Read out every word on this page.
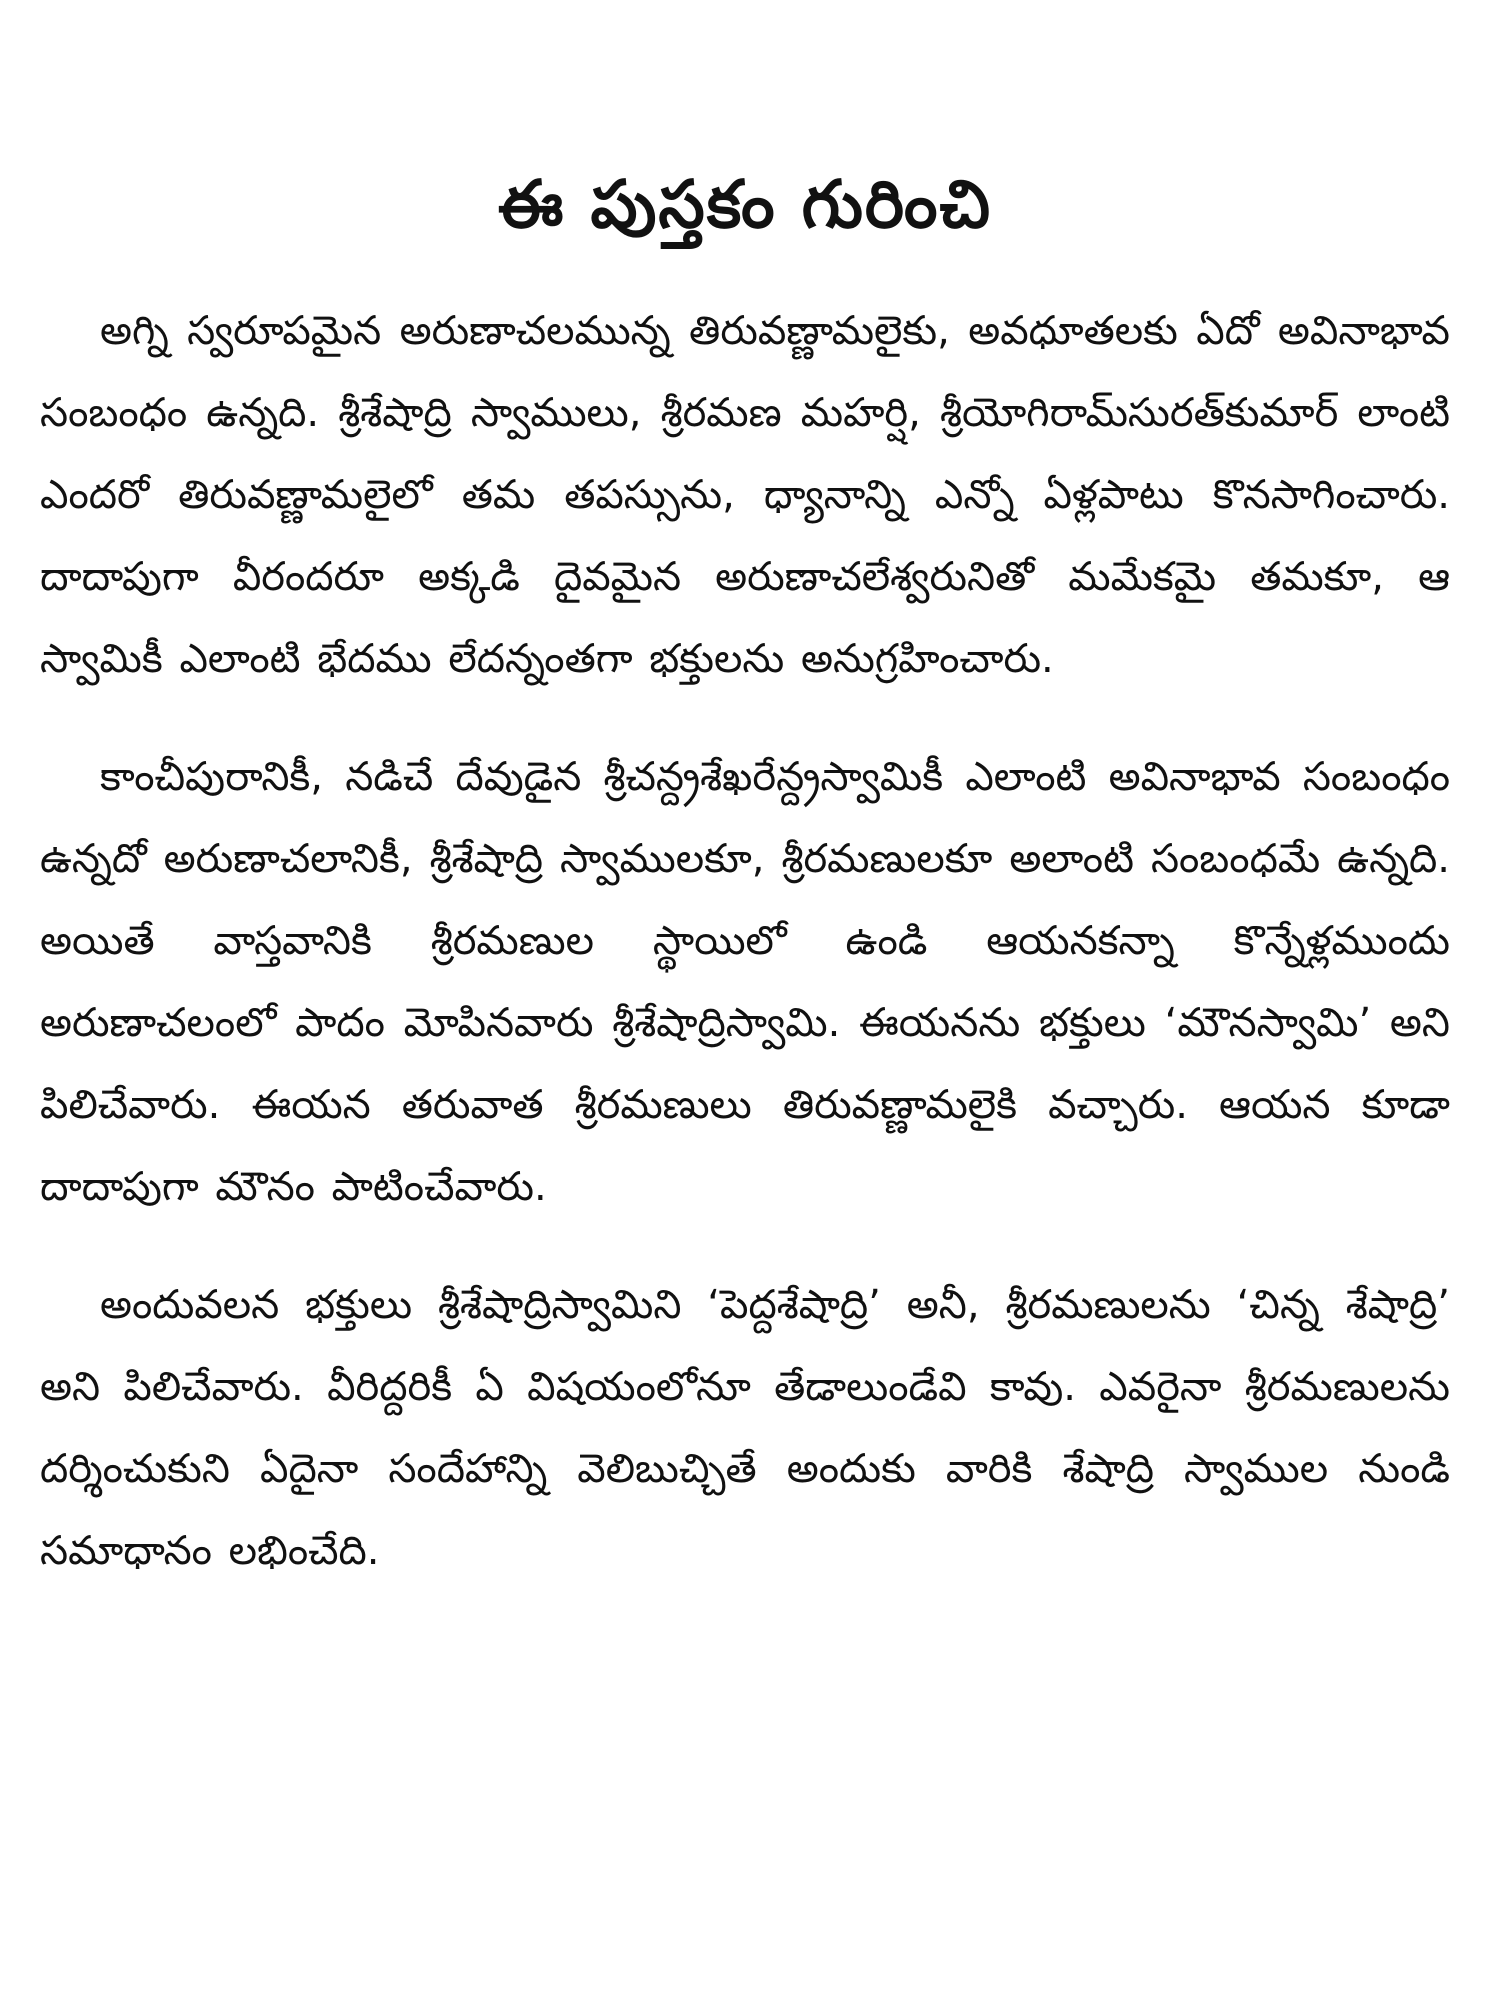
ఈ పుస్తకం గురించి

అగ్ని స్వరూపమైన అరుణాచలమున్న తిరువణ్ణామలైకు, అవధూతలకు ఏదో అవినాభావ సంబంధం ఉన్నది. శ్రీశేషాద్రి స్వాములు, శ్రీరమణ మహర్షి, శ్రీయోగిరామ్‌సురత్‌కుమార్ లాంటి ఎందరో తిరువణ్ణామలైలో తమ తపస్సును, ధ్యానాన్ని ఎన్నో ఏళ్లపాటు కొనసాగించారు. దాదాపుగా వీరందరూ అక్కడి దైవమైన అరుణాచలేశ్వరునితో మమేకమై తమకూ, ఆ స్వామికీ ఎలాంటి భేదము లేదన్నంతగా భక్తులను అనుగ్రహించారు.

కాంచీపురానికీ, నడిచే దేవుడైన శ్రీచన్ద్రశేఖరేన్ద్రస్వామికీ ఎలాంటి అవినాభావ సంబంధం ఉన్నదో అరుణాచలానికీ, శ్రీశేషాద్రి స్వాములకూ, శ్రీరమణులకూ అలాంటి సంబంధమే ఉన్నది. అయితే వాస్తవానికి శ్రీరమణుల స్థాయిలో ఉండి ఆయనకన్నా కొన్నేళ్లముందు అరుణాచలంలో పాదం మోపినవారు శ్రీశేషాద్రిస్వామి. ఈయనను భక్తులు ‘మౌనస్వామి’ అని పిలిచేవారు. ఈయన తరువాత శ్రీరమణులు తిరువణ్ణామలైకి వచ్చారు. ఆయన కూడా దాదాపుగా మౌనం పాటించేవారు.

అందువలన భక్తులు శ్రీశేషాద్రిస్వామిని ‘పెద్దశేషాద్రి’ అనీ, శ్రీరమణులను ‘చిన్న శేషాద్రి’ అని పిలిచేవారు. వీరిద్దరికీ ఏ విషయంలోనూ తేడాలుండేవి కావు. ఎవరైనా శ్రీరమణులను దర్శించుకుని ఏదైనా సందేహాన్ని వెలిబుచ్చితే అందుకు వారికి శేషాద్రి స్వాముల నుండి సమాధానం లభించేది.
